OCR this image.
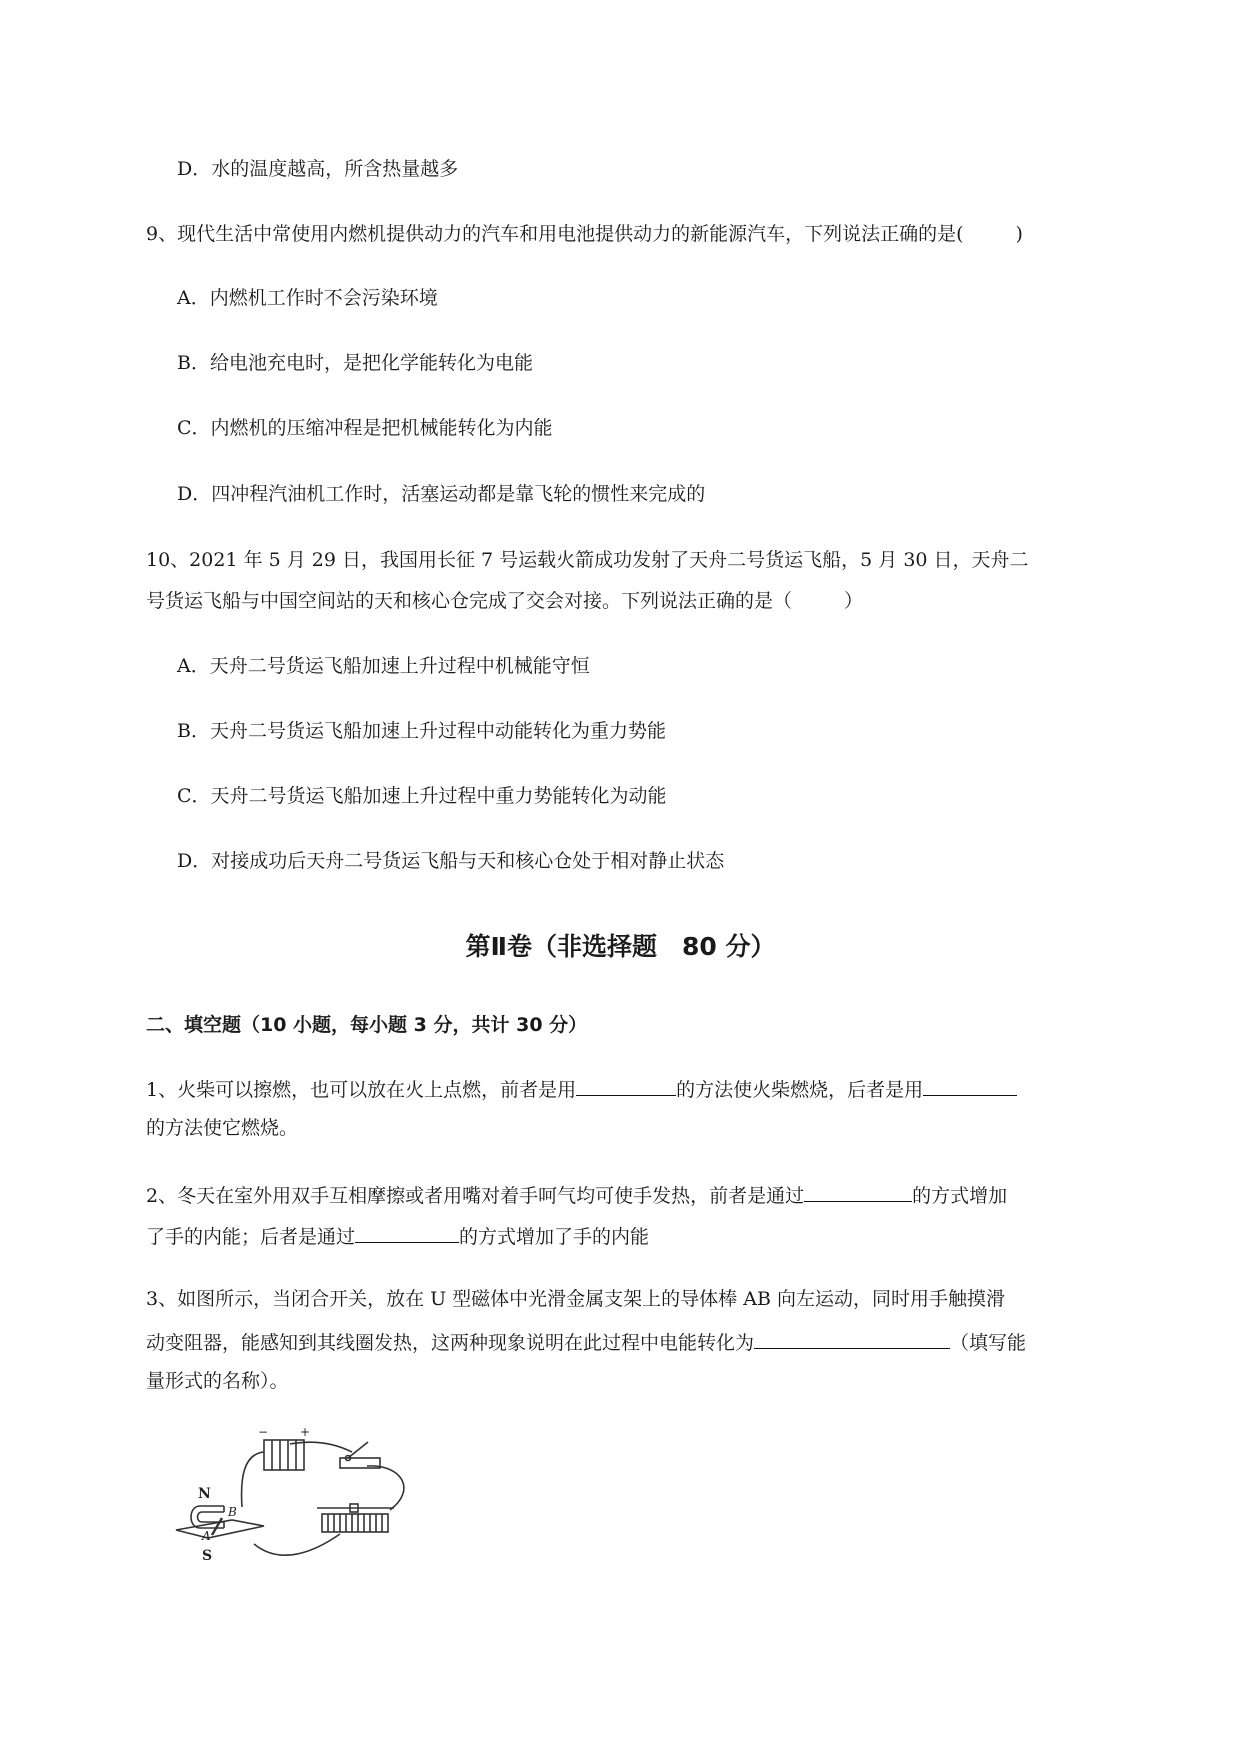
D．水的温度越高，所含热量越多
9、现代生活中常使用内燃机提供动力的汽车和用电池提供动力的新能源汽车，下列说法正确的是(	)
A．内燃机工作时不会污染环境
B．给电池充电时，是把化学能转化为电能
C．内燃机的压缩冲程是把机械能转化为内能
D．四冲程汽油机工作时，活塞运动都是靠飞轮的惯性来完成的
10、2021 年 5 月 29 日，我国用长征 7 号运载火箭成功发射了天舟二号货运飞船，5 月 30 日，天舟二
号货运飞船与中国空间站的天和核心仓完成了交会对接。下列说法正确的是（	）
A．天舟二号货运飞船加速上升过程中机械能守恒
B．天舟二号货运飞船加速上升过程中动能转化为重力势能
C．天舟二号货运飞船加速上升过程中重力势能转化为动能
D．对接成功后天舟二号货运飞船与天和核心仓处于相对静止状态
第Ⅱ卷（非选择题　80 分）
二、填空题（10 小题，每小题 3 分，共计 30 分）
1、火柴可以擦燃，也可以放在火上点燃，前者是用	的方法使火柴燃烧，后者是用
的方法使它燃烧。
2、冬天在室外用双手互相摩擦或者用嘴对着手呵气均可使手发热，前者是通过	的方式增加
了手的内能；后者是通过	的方式增加了手的内能
3、如图所示，当闭合开关，放在 U 型磁体中光滑金属支架上的导体棒 AB 向左运动，同时用手触摸滑
动变阻器，能感知到其线圈发热，这两种现象说明在此过程中电能转化为	（填写能
量形式的名称）。
N
S
B
A
+
−
